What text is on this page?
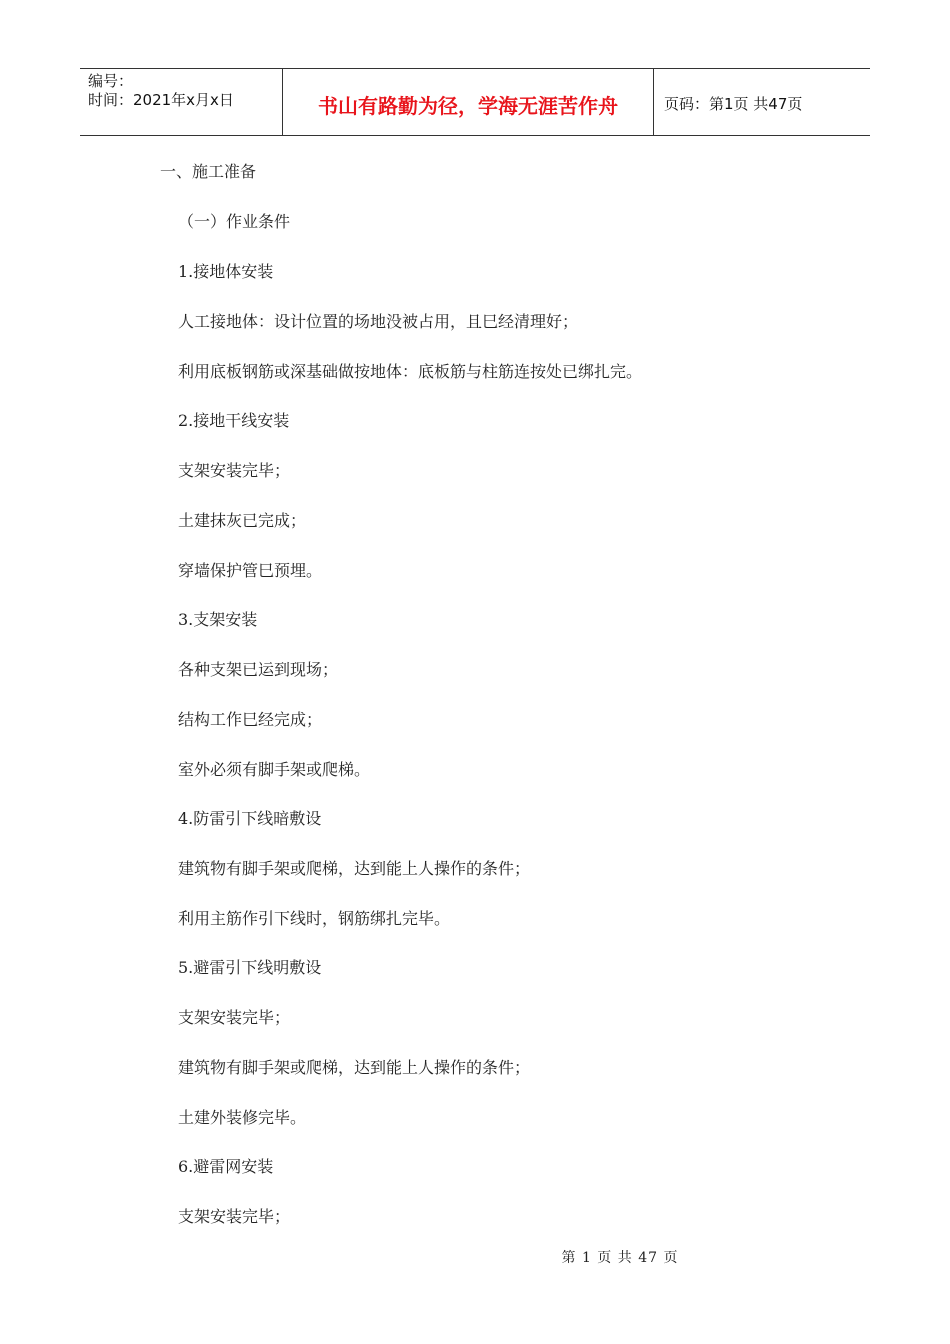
编号：
时间：2021年x月x日	书山有路勤为径，学海无涯苦作舟	页码：第1页 共47页
一、施工准备
（一）作业条件
1.接地体安装
人工接地体：设计位置的场地没被占用，且巳经清理好；
利用底板钢筋或深基础做按地体：底板筋与柱筋连按处已绑扎完。
2.接地干线安装
支架安装完毕；
土建抹灰已完成；
穿墙保护管巳预埋。
3.支架安装
各种支架已运到现场；
结构工作巳经完成；
室外必须有脚手架或爬梯。
4.防雷引下线暗敷设
建筑物有脚手架或爬梯，达到能上人操作的条件；
利用主筋作引下线时，钢筋绑扎完毕。
5.避雷引下线明敷设
支架安装完毕；
建筑物有脚手架或爬梯，达到能上人操作的条件；
土建外装修完毕。
6.避雷网安装
支架安装完毕；
第 1 页 共 47 页
